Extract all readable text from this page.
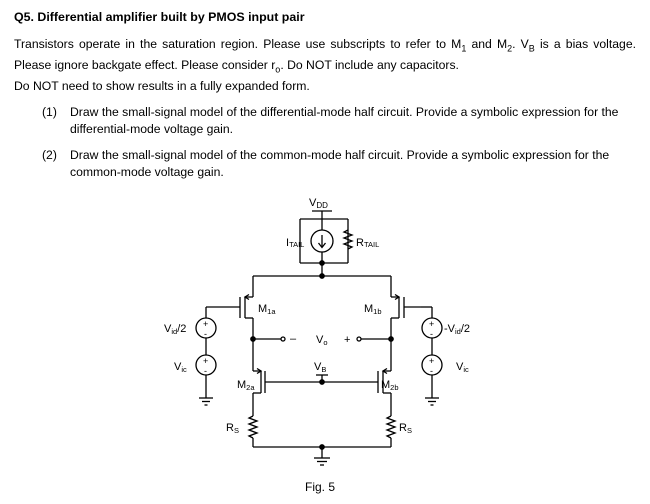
Q5. Differential amplifier built by PMOS input pair

Transistors operate in the saturation region. Please use subscripts to refer to $M_1$ and $M_2$. $V_B$ is a bias voltage. Please ignore backgate effect. Please consider $r_o$. Do NOT include any capacitors.

Do NOT need to show results in a fully expanded form.

(1) Draw the small-signal model of the differential-mode half circuit. Provide a symbolic expression for the differential-mode voltage gain.
(2) Draw the small-signal model of the common-mode half circuit. Provide a symbolic expression for the common-mode voltage gain.
VDD
ITAIL	RTAIL
M1a	M1b
– Vo +
VB
M2a	M2b
RS	RS
+
-
+
-
Vid/2
Vic
+
-
+
-
-Vid/2
Vic
Fig. 5
